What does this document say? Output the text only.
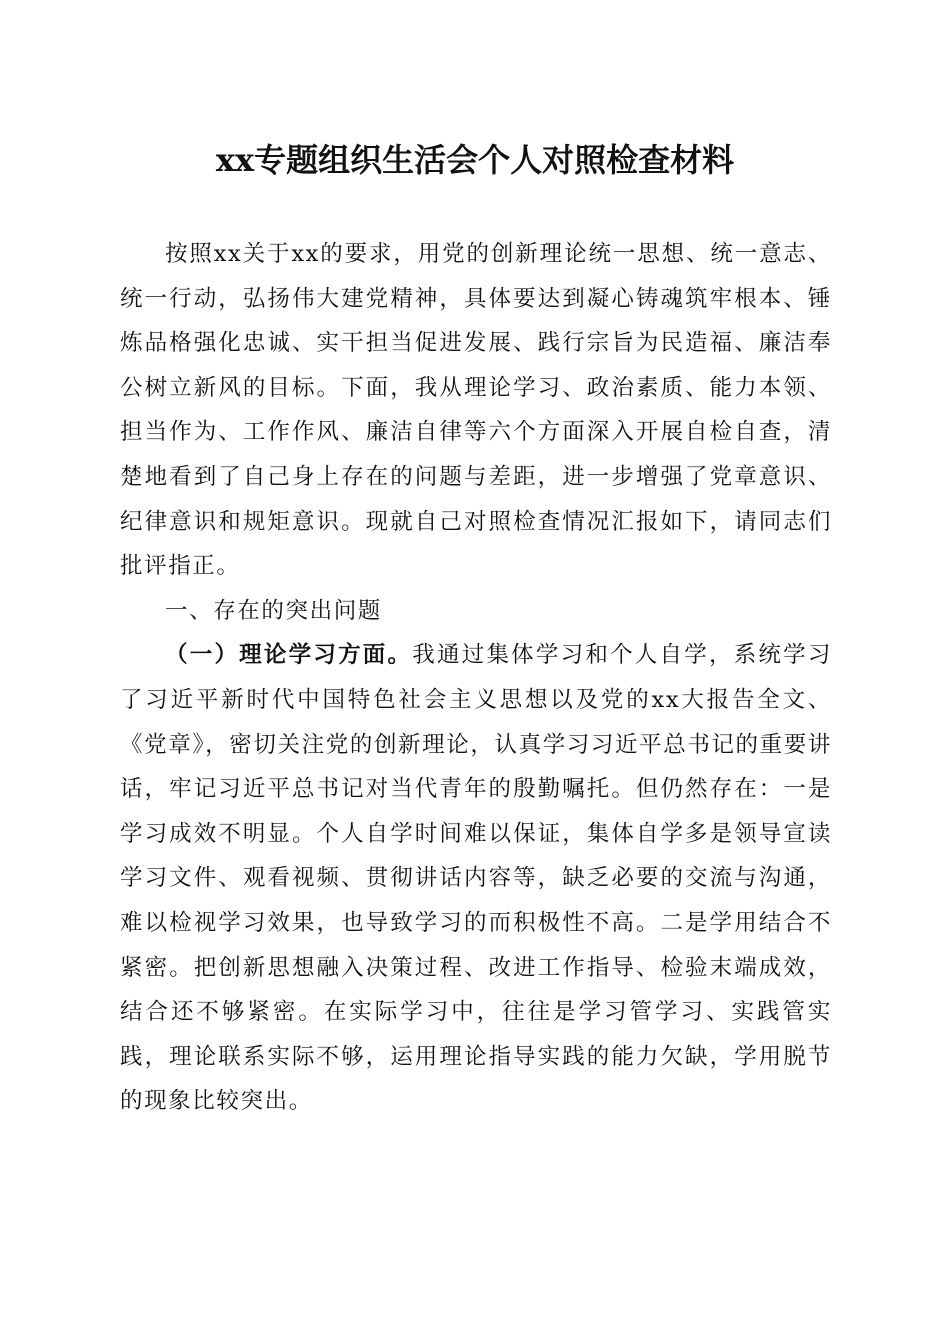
xx专题组织生活会个人对照检查材料

按照xx关于xx的要求，用党的创新理论统一思想、统一意志、统一行动，弘扬伟大建党精神，具体要达到凝心铸魂筑牢根本、锤炼品格强化忠诚、实干担当促进发展、践行宗旨为民造福、廉洁奉公树立新风的目标。下面，我从理论学习、政治素质、能力本领、担当作为、工作作风、廉洁自律等六个方面深入开展自检自查，清楚地看到了自己身上存在的问题与差距，进一步增强了党章意识、纪律意识和规矩意识。现就自己对照检查情况汇报如下，请同志们批评指正。

一、存在的突出问题

（一）理论学习方面。我通过集体学习和个人自学，系统学习了习近平新时代中国特色社会主义思想以及党的xx大报告全文、《党章》，密切关注党的创新理论，认真学习习近平总书记的重要讲话，牢记习近平总书记对当代青年的殷勤嘱托。但仍然存在：一是学习成效不明显。个人自学时间难以保证，集体自学多是领导宣读学习文件、观看视频、贯彻讲话内容等，缺乏必要的交流与沟通，难以检视学习效果，也导致学习的而积极性不高。二是学用结合不紧密。把创新思想融入决策过程、改进工作指导、检验末端成效，结合还不够紧密。在实际学习中，往往是学习管学习、实践管实践，理论联系实际不够，运用理论指导实践的能力欠缺，学用脱节的现象比较突出。
